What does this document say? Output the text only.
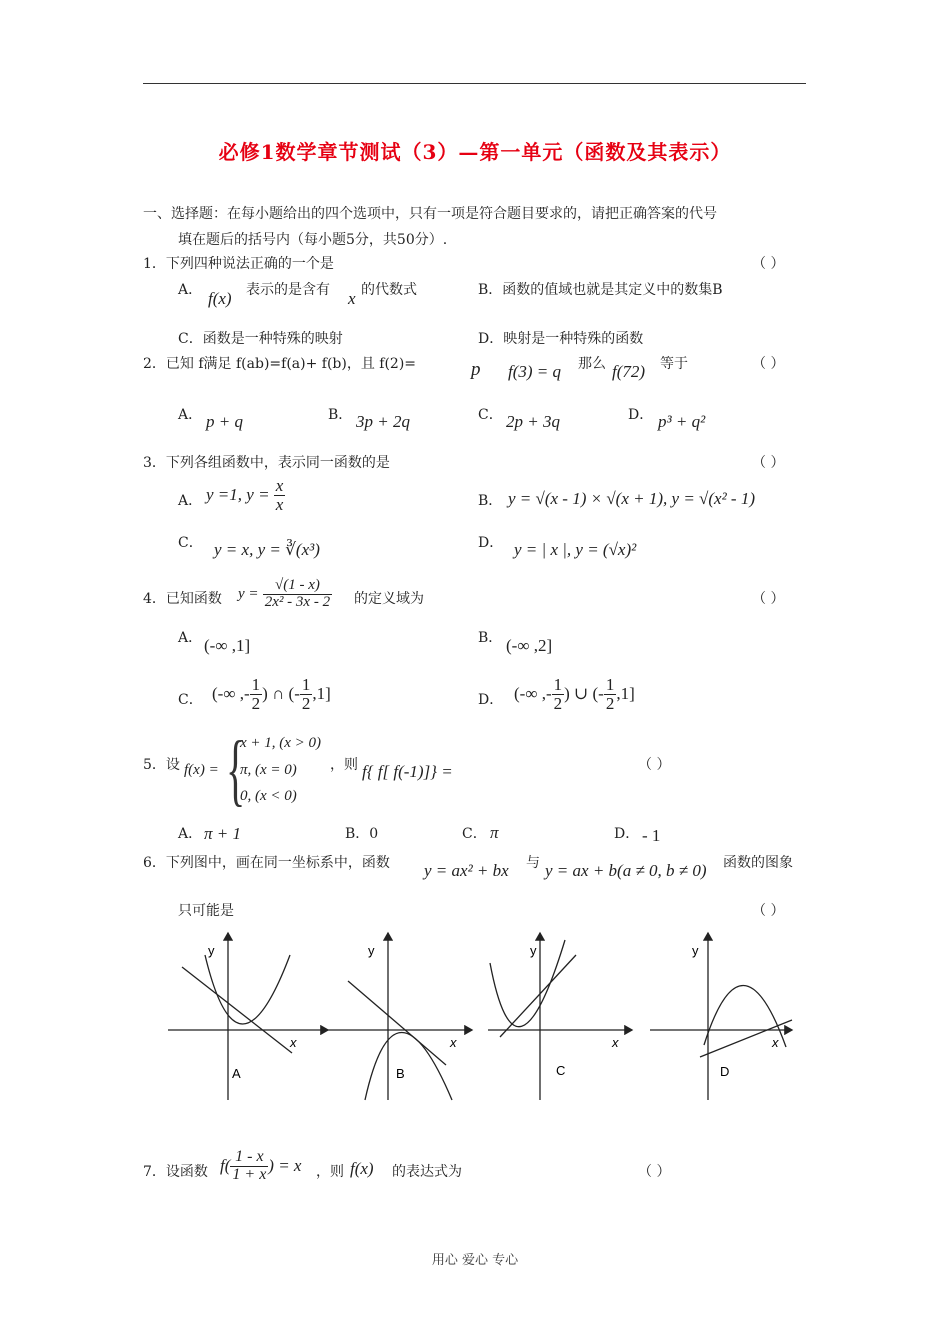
必修1数学章节测试（3）—第一单元（函数及其表示）
一、选择题：在每小题给出的四个选项中，只有一项是符合题目要求的，请把正确答案的代号
填在题后的括号内（每小题5分，共50分）.
1．下列四种说法正确的一个是	（ ）
A． f(x) 表示的是含有 x 的代数式	B．函数的值域也就是其定义中的数集B
C．函数是一种特殊的映射	D．映射是一种特殊的函数
2．已知 f满足 f(ab)=f(a)+ f(b)，且 f(2)=	p f(3) = q 那么 f(72) 等于	（ ）
A． p + q	B． 3p + 2q	C． 2p + 3q	D． p³ + q²
3．下列各组函数中，表示同一函数的是	（ ）
A． y =1, $y = \frac{x}{x}$	B． y = √(x - 1) × √(x + 1), y = √(x² - 1)
C． y = x, y = ∛(x³)	D． y = | x |, y = (√x)²
4．已知函数 $y = \frac{√(1 - x)}{\text{2x² - 3x - 2}}$ 的定义域为	（ ）
A． (-∞ ,1]	B． (-∞ ,2]
C． (-∞ ,- $\frac{1}{2}$ ) ∩ (- $\frac{1}{2} ,1$]	D． (-∞ ,- $\frac{1}{2}$ ) ∪ (- $\frac{1}{2} ,1$]
5．设 f(x) = {
x + 1, (x > 0)
π, (x = 0)
0, (x < 0)
，则 f{ f[ f(-1)]} =	（ ）
A． π + 1	B．0	C． π	D． - 1
6．下列图中，画在同一坐标系中，函数 y = ax² + bx 与 y = ax + b(a ≠ 0, b ≠ 0) 函数的图象
只可能是	（ ）
y
x
A
y
x
B
y
x
C
y
x
D
7．设函数 $f( \frac{1 - x}{1 + x}$ ) = x ，则 f(x) 的表达式为	（ ）
用心 爱心 专心
